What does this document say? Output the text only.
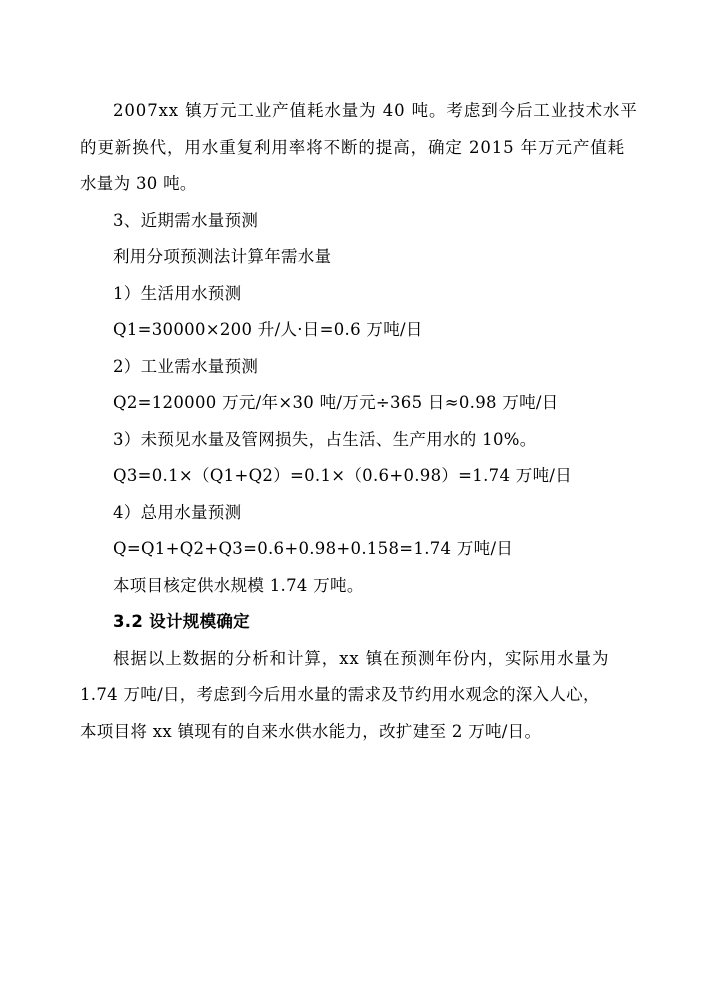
2007xx 镇万元工业产值耗水量为 40 吨。考虑到今后工业技术水平
的更新换代，用水重复利用率将不断的提高，确定 2015 年万元产值耗
水量为 30 吨。
3、近期需水量预测
利用分项预测法计算年需水量
1）生活用水预测
Q1=30000×200 升/人·日=0.6 万吨/日
2）工业需水量预测
Q2=120000 万元/年×30 吨/万元÷365 日≈0.98 万吨/日
3）未预见水量及管网损失，占生活、生产用水的 10%。
Q3=0.1×（Q1+Q2）=0.1×（0.6+0.98）=1.74 万吨/日
4）总用水量预测
Q=Q1+Q2+Q3=0.6+0.98+0.158=1.74 万吨/日
本项目核定供水规模 1.74 万吨。
3.2 设计规模确定
根据以上数据的分析和计算，xx 镇在预测年份内，实际用水量为
1.74 万吨/日，考虑到今后用水量的需求及节约用水观念的深入人心，
本项目将 xx 镇现有的自来水供水能力，改扩建至 2 万吨/日。
